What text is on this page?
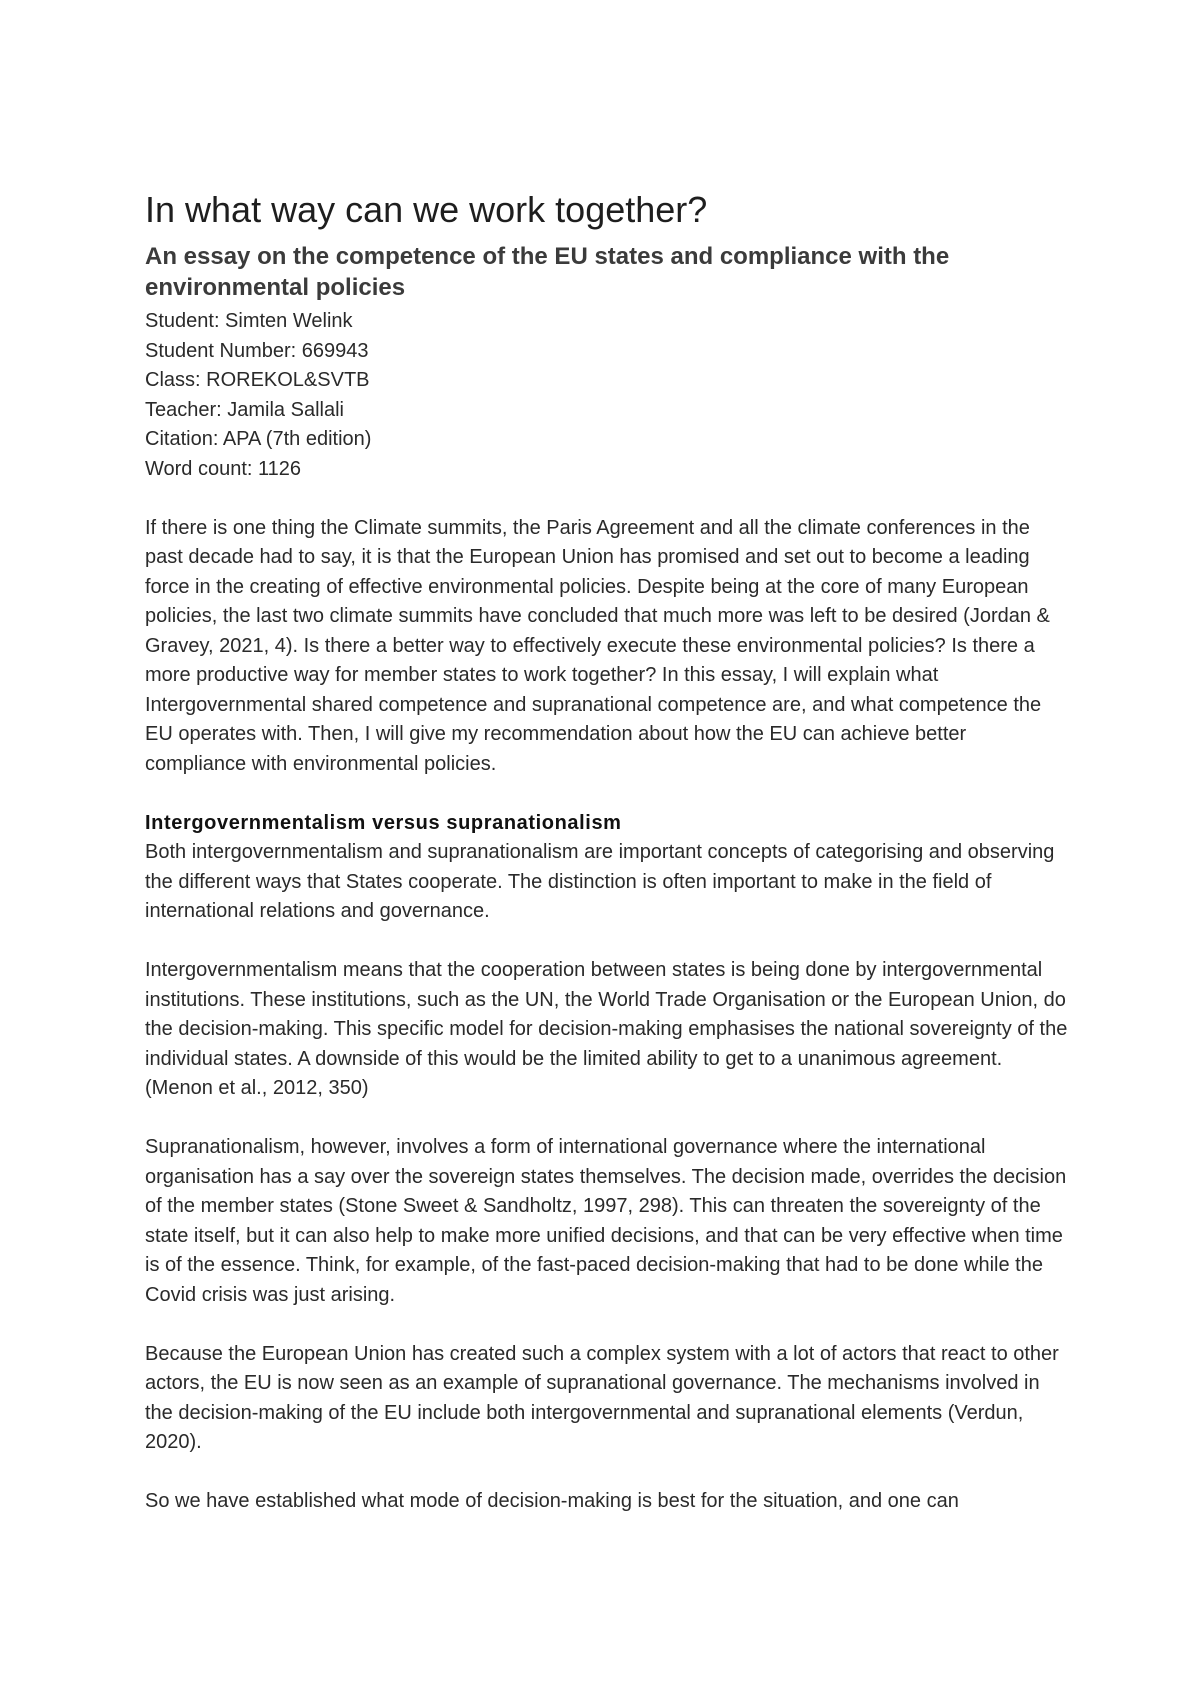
In what way can we work together?
An essay on the competence of the EU states and compliance with the environmental policies
Student: Simten Welink
Student Number: 669943
Class: ROREKOL&SVTB
Teacher: Jamila Sallali
Citation: APA (7th edition)
Word count: 1126

If there is one thing the Climate summits, the Paris Agreement and all the climate conferences in the past decade had to say, it is that the European Union has promised and set out to become a leading force in the creating of effective environmental policies. Despite being at the core of many European policies, the last two climate summits have concluded that much more was left to be desired (Jordan & Gravey, 2021, 4). Is there a better way to effectively execute these environmental policies? Is there a more productive way for member states to work together? In this essay, I will explain what Intergovernmental shared competence and supranational competence are, and what competence the EU operates with. Then, I will give my recommendation about how the EU can achieve better compliance with environmental policies.

Intergovernmentalism versus supranationalism

Both intergovernmentalism and supranationalism are important concepts of categorising and observing the different ways that States cooperate. The distinction is often important to make in the field of international relations and governance.

Intergovernmentalism means that the cooperation between states is being done by intergovernmental institutions. These institutions, such as the UN, the World Trade Organisation or the European Union, do the decision-making. This specific model for decision-making emphasises the national sovereignty of the individual states. A downside of this would be the limited ability to get to a unanimous agreement. (Menon et al., 2012, 350)

Supranationalism, however, involves a form of international governance where the international organisation has a say over the sovereign states themselves. The decision made, overrides the decision of the member states (Stone Sweet & Sandholtz, 1997, 298). This can threaten the sovereignty of the state itself, but it can also help to make more unified decisions, and that can be very effective when time is of the essence. Think, for example, of the fast-paced decision-making that had to be done while the Covid crisis was just arising.

Because the European Union has created such a complex system with a lot of actors that react to other actors, the EU is now seen as an example of supranational governance. The mechanisms involved in the decision-making of the EU include both intergovernmental and supranational elements (Verdun, 2020).

So we have established what mode of decision-making is best for the situation, and one can
